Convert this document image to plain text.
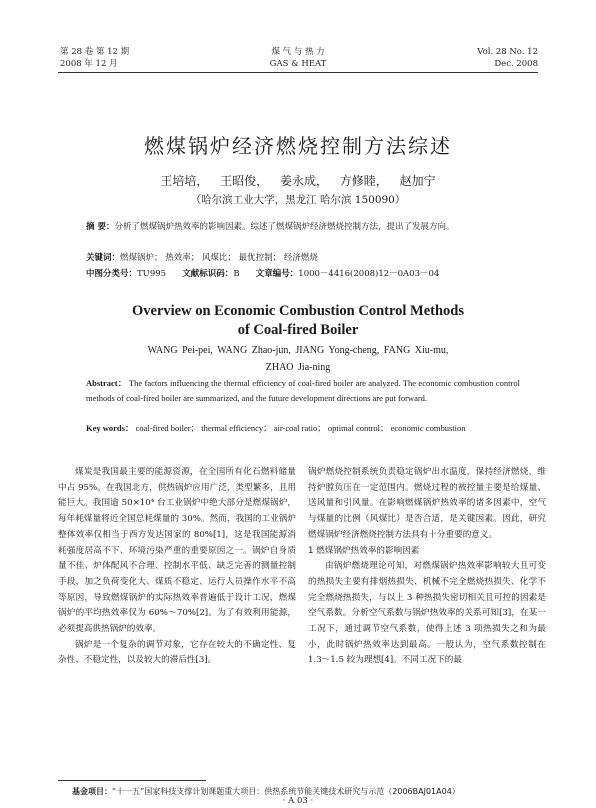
第 28 卷 第 12 期
2008 年 12 月
煤 气 与 热 力
GAS & HEAT
Vol. 28 No. 12
Dec. 2008
燃煤锅炉经济燃烧控制方法综述
王培培， 王昭俊， 姜永成， 方修睦， 赵加宁
（哈尔滨工业大学，黑龙江 哈尔滨 150090）
摘 要：分析了燃煤锅炉热效率的影响因素。综述了燃煤锅炉经济燃烧控制方法，提出了发展方向。
关键词：燃煤锅炉； 热效率； 风煤比； 最优控制； 经济燃烧
中图分类号：TU995 文献标识码：B 文章编号：1000－4416(2008)12－0A03－04
Overview on Economic Combustion Control Methods
of Coal-fired Boiler
WANG Pei-pei, WANG Zhao-jun, JIANG Yong-cheng, FANG Xiu-mu,
ZHAO Jia-ning
Abstract： The factors influencing the thermal efficiency of coal-fired boiler are analyzed. The economic combustion control methods of coal-fired boiler are summarized, and the future development directions are put forward.
Key words： coal-fired boiler； thermal efficiency； air-coal ratio； optimal control； economic combustion

煤炭是我国最主要的能源资源，在全国所有化石燃料储量中占 95%。在我国北方，供热锅炉应用广泛，类型繁多，且用能巨大。我国逾 50×10⁴ 台工业锅炉中绝大部分是燃煤锅炉，每年耗煤量将近全国总耗煤量的 30%。然而，我国的工业锅炉整体效率仅相当于西方发达国家的 80%[1]，这是我国能源消耗强度居高不下、环境污染严重的重要原因之一。锅炉自身质量不佳、炉体配风不合理、控制水平低、缺乏完善的测量控制手段，加之负荷变化大、煤质不稳定、运行人员操作水平不高等原因，导致燃煤锅炉的实际热效率普遍低于设计工况，燃煤锅炉的平均热效率仅为 60%～70%[2]。为了有效利用能源，必须提高供热锅炉的效率。

锅炉是一个复杂的调节对象，它存在较大的不确定性、复杂性、不稳定性，以及较大的滞后性[3]。

锅炉燃烧控制系统负责稳定锅炉出水温度，保持经济燃烧，维持炉膛负压在一定范围内。燃烧过程的被控量主要是给煤量、送风量和引风量。在影响燃煤锅炉热效率的诸多因素中，空气与煤量的比例（风煤比）是否合适，是关键因素。因此，研究燃煤锅炉经济燃烧控制方法具有十分重要的意义。

1 燃煤锅炉热效率的影响因素

由锅炉燃烧理论可知，对燃煤锅炉热效率影响较大且可变的热损失主要有排烟热损失、机械不完全燃烧热损失、化学不完全燃烧热损失，与以上 3 种热损失密切相关且可控的因素是空气系数。分析空气系数与锅炉热效率的关系可知[3]，在某一工况下，通过调节空气系数，使得上述 3 项热损失之和为最小，此时锅炉热效率达到最高。一般认为，空气系数控制在 1.3～1.5 较为理想[4]。不同工况下的最

基金项目：“十一五”国家科技支撑计划课题重大项目：供热系统节能关键技术研究与示范（2006BAJ01A04）
· A 03 ·
